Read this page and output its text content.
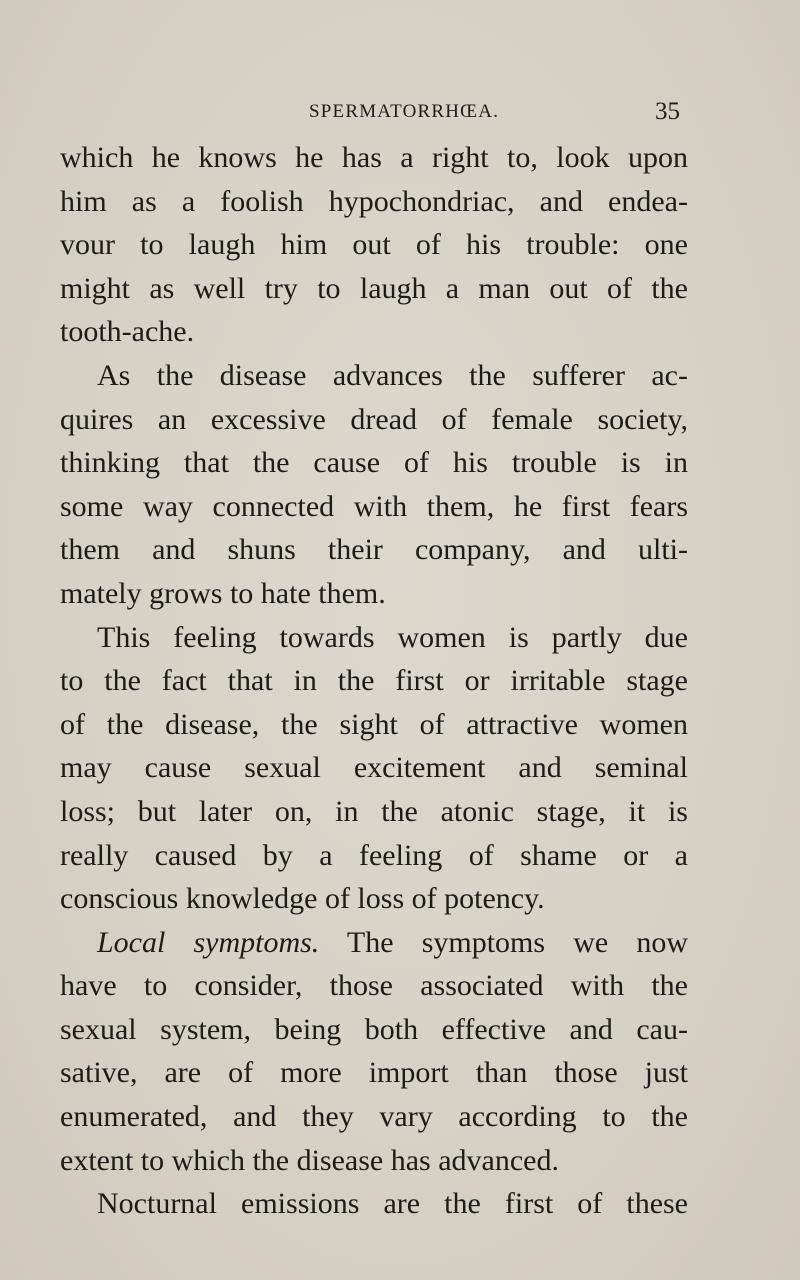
SPERMATORRHŒA.	35
which he knows he has a right to, look upon
him as a foolish hypochondriac, and endea-
vour to laugh him out of his trouble: one
might as well try to laugh a man out of the
tooth-ache.
As the disease advances the sufferer ac-
quires an excessive dread of female society,
thinking that the cause of his trouble is in
some way connected with them, he first fears
them and shuns their company, and ulti-
mately grows to hate them.
This feeling towards women is partly due
to the fact that in the first or irritable stage
of the disease, the sight of attractive women
may cause sexual excitement and seminal
loss; but later on, in the atonic stage, it is
really caused by a feeling of shame or a
conscious knowledge of loss of potency.
Local symptoms. The symptoms we now
have to consider, those associated with the
sexual system, being both effective and cau-
sative, are of more import than those just
enumerated, and they vary according to the
extent to which the disease has advanced.
Nocturnal emissions are the first of these
